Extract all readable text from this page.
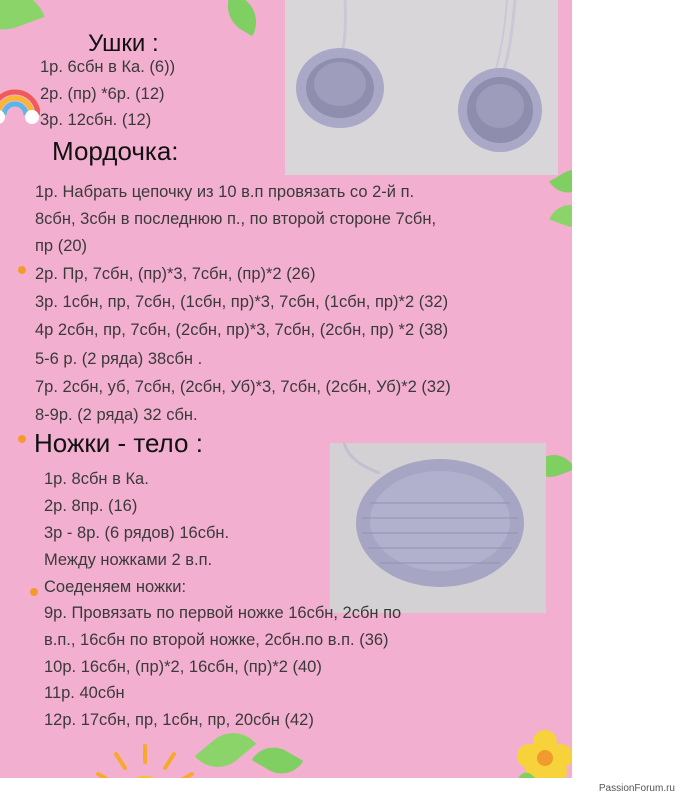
Ушки :
1р. 6сбн в Ка. (6))
2р. (пр) *6р. (12)
3р. 12сбн. (12)
Мордочка:
1р. Набрать цепочку из 10 в.п провязать со 2-й п.
8сбн, 3сбн в последнюю п., по второй стороне 7сбн,
пр (20)
2р. Пр, 7сбн, (пр)*3, 7сбн, (пр)*2 (26)
3р. 1сбн, пр, 7сбн, (1сбн, пр)*3, 7сбн, (1сбн, пр)*2 (32)
4р 2сбн, пр, 7сбн, (2сбн, пр)*3, 7сбн, (2сбн, пр) *2 (38)
5-6 р. (2 ряда) 38сбн .
7р. 2сбн, уб, 7сбн, (2сбн, Уб)*3, 7сбн, (2сбн, Уб)*2 (32)
8-9р. (2 ряда) 32 сбн.
Ножки - тело :
1р. 8сбн в Ка.
2р. 8пр. (16)
3р - 8р. (6 рядов) 16сбн.
Между ножками 2 в.п.
Соеденяем ножки:
9р. Провязать по первой ножке 16сбн, 2сбн по
в.п., 16сбн по второй ножке, 2сбн.по в.п. (36)
10р. 16сбн, (пр)*2, 16сбн, (пр)*2 (40)
11р. 40сбн
12р. 17сбн, пр, 1сбн, пр, 20сбн (42)
PassionForum.ru
